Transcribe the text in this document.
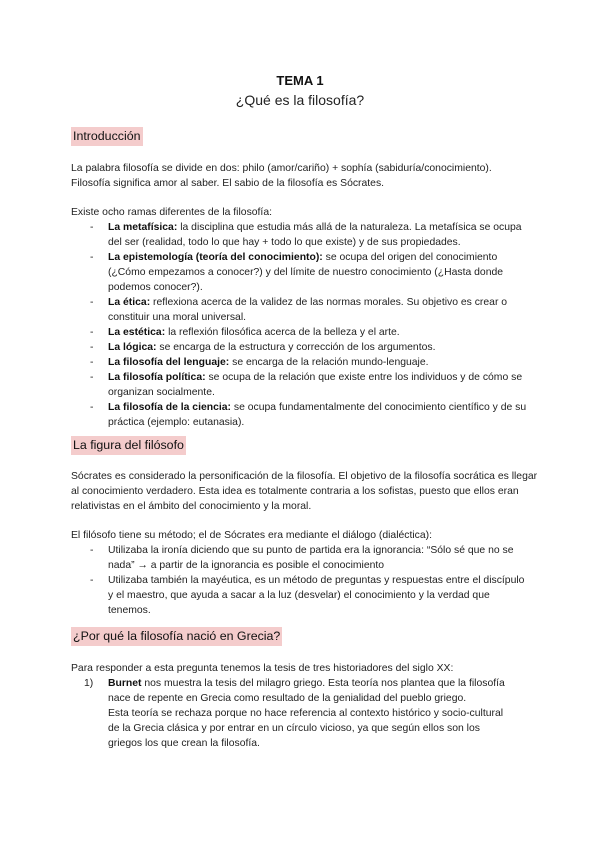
TEMA 1
¿Qué es la filosofía?
Introducción

La palabra filosofía se divide en dos: philo (amor/cariño) + sophía (sabiduría/conocimiento).

Filosofía significa amor al saber. El sabio de la filosofía es Sócrates.

Existe ocho ramas diferentes de la filosofía:
- La metafísica: la disciplina que estudia más allá de la naturaleza. La metafísica se ocupa del ser (realidad, todo lo que hay + todo lo que existe) y de sus propiedades.
- La epistemología (teoría del conocimiento): se ocupa del origen del conocimiento (¿Cómo empezamos a conocer?) y del límite de nuestro conocimiento (¿Hasta donde podemos conocer?).
- La ética: reflexiona acerca de la validez de las normas morales. Su objetivo es crear o constituir una moral universal.
- La estética: la reflexión filosófica acerca de la belleza y el arte.
- La lógica: se encarga de la estructura y corrección de los argumentos.
- La filosofía del lenguaje: se encarga de la relación mundo-lenguaje.
- La filosofía política: se ocupa de la relación que existe entre los individuos y de cómo se organizan socialmente.
- La filosofía de la ciencia: se ocupa fundamentalmente del conocimiento científico y de su práctica (ejemplo: eutanasia).
La figura del filósofo
Sócrates es considerado la personificación de la filosofía. El objetivo de la filosofía socrática es llegar al conocimiento verdadero. Esta idea es totalmente contraria a los sofistas, puesto que ellos eran relativistas en el ámbito del conocimiento y la moral.
El filósofo tiene su método; el de Sócrates era mediante el diálogo (dialéctica):
- Utilizaba la ironía diciendo que su punto de partida era la ignorancia: “Sólo sé que no se nada” → a partir de la ignorancia es posible el conocimiento
- Utilizaba también la mayéutica, es un método de preguntas y respuestas entre el discípulo y el maestro, que ayuda a sacar a la luz (desvelar) el conocimiento y la verdad que tenemos.
¿Por qué la filosofía nació en Grecia?
Para responder a esta pregunta tenemos la tesis de tres historiadores del siglo XX:
1) Burnet nos muestra la tesis del milagro griego. Esta teoría nos plantea que la filosofía nace de repente en Grecia como resultado de la genialidad del pueblo griego.
Esta teoría se rechaza porque no hace referencia al contexto histórico y socio-cultural de la Grecia clásica y por entrar en un círculo vicioso, ya que según ellos son los griegos los que crean la filosofía.
